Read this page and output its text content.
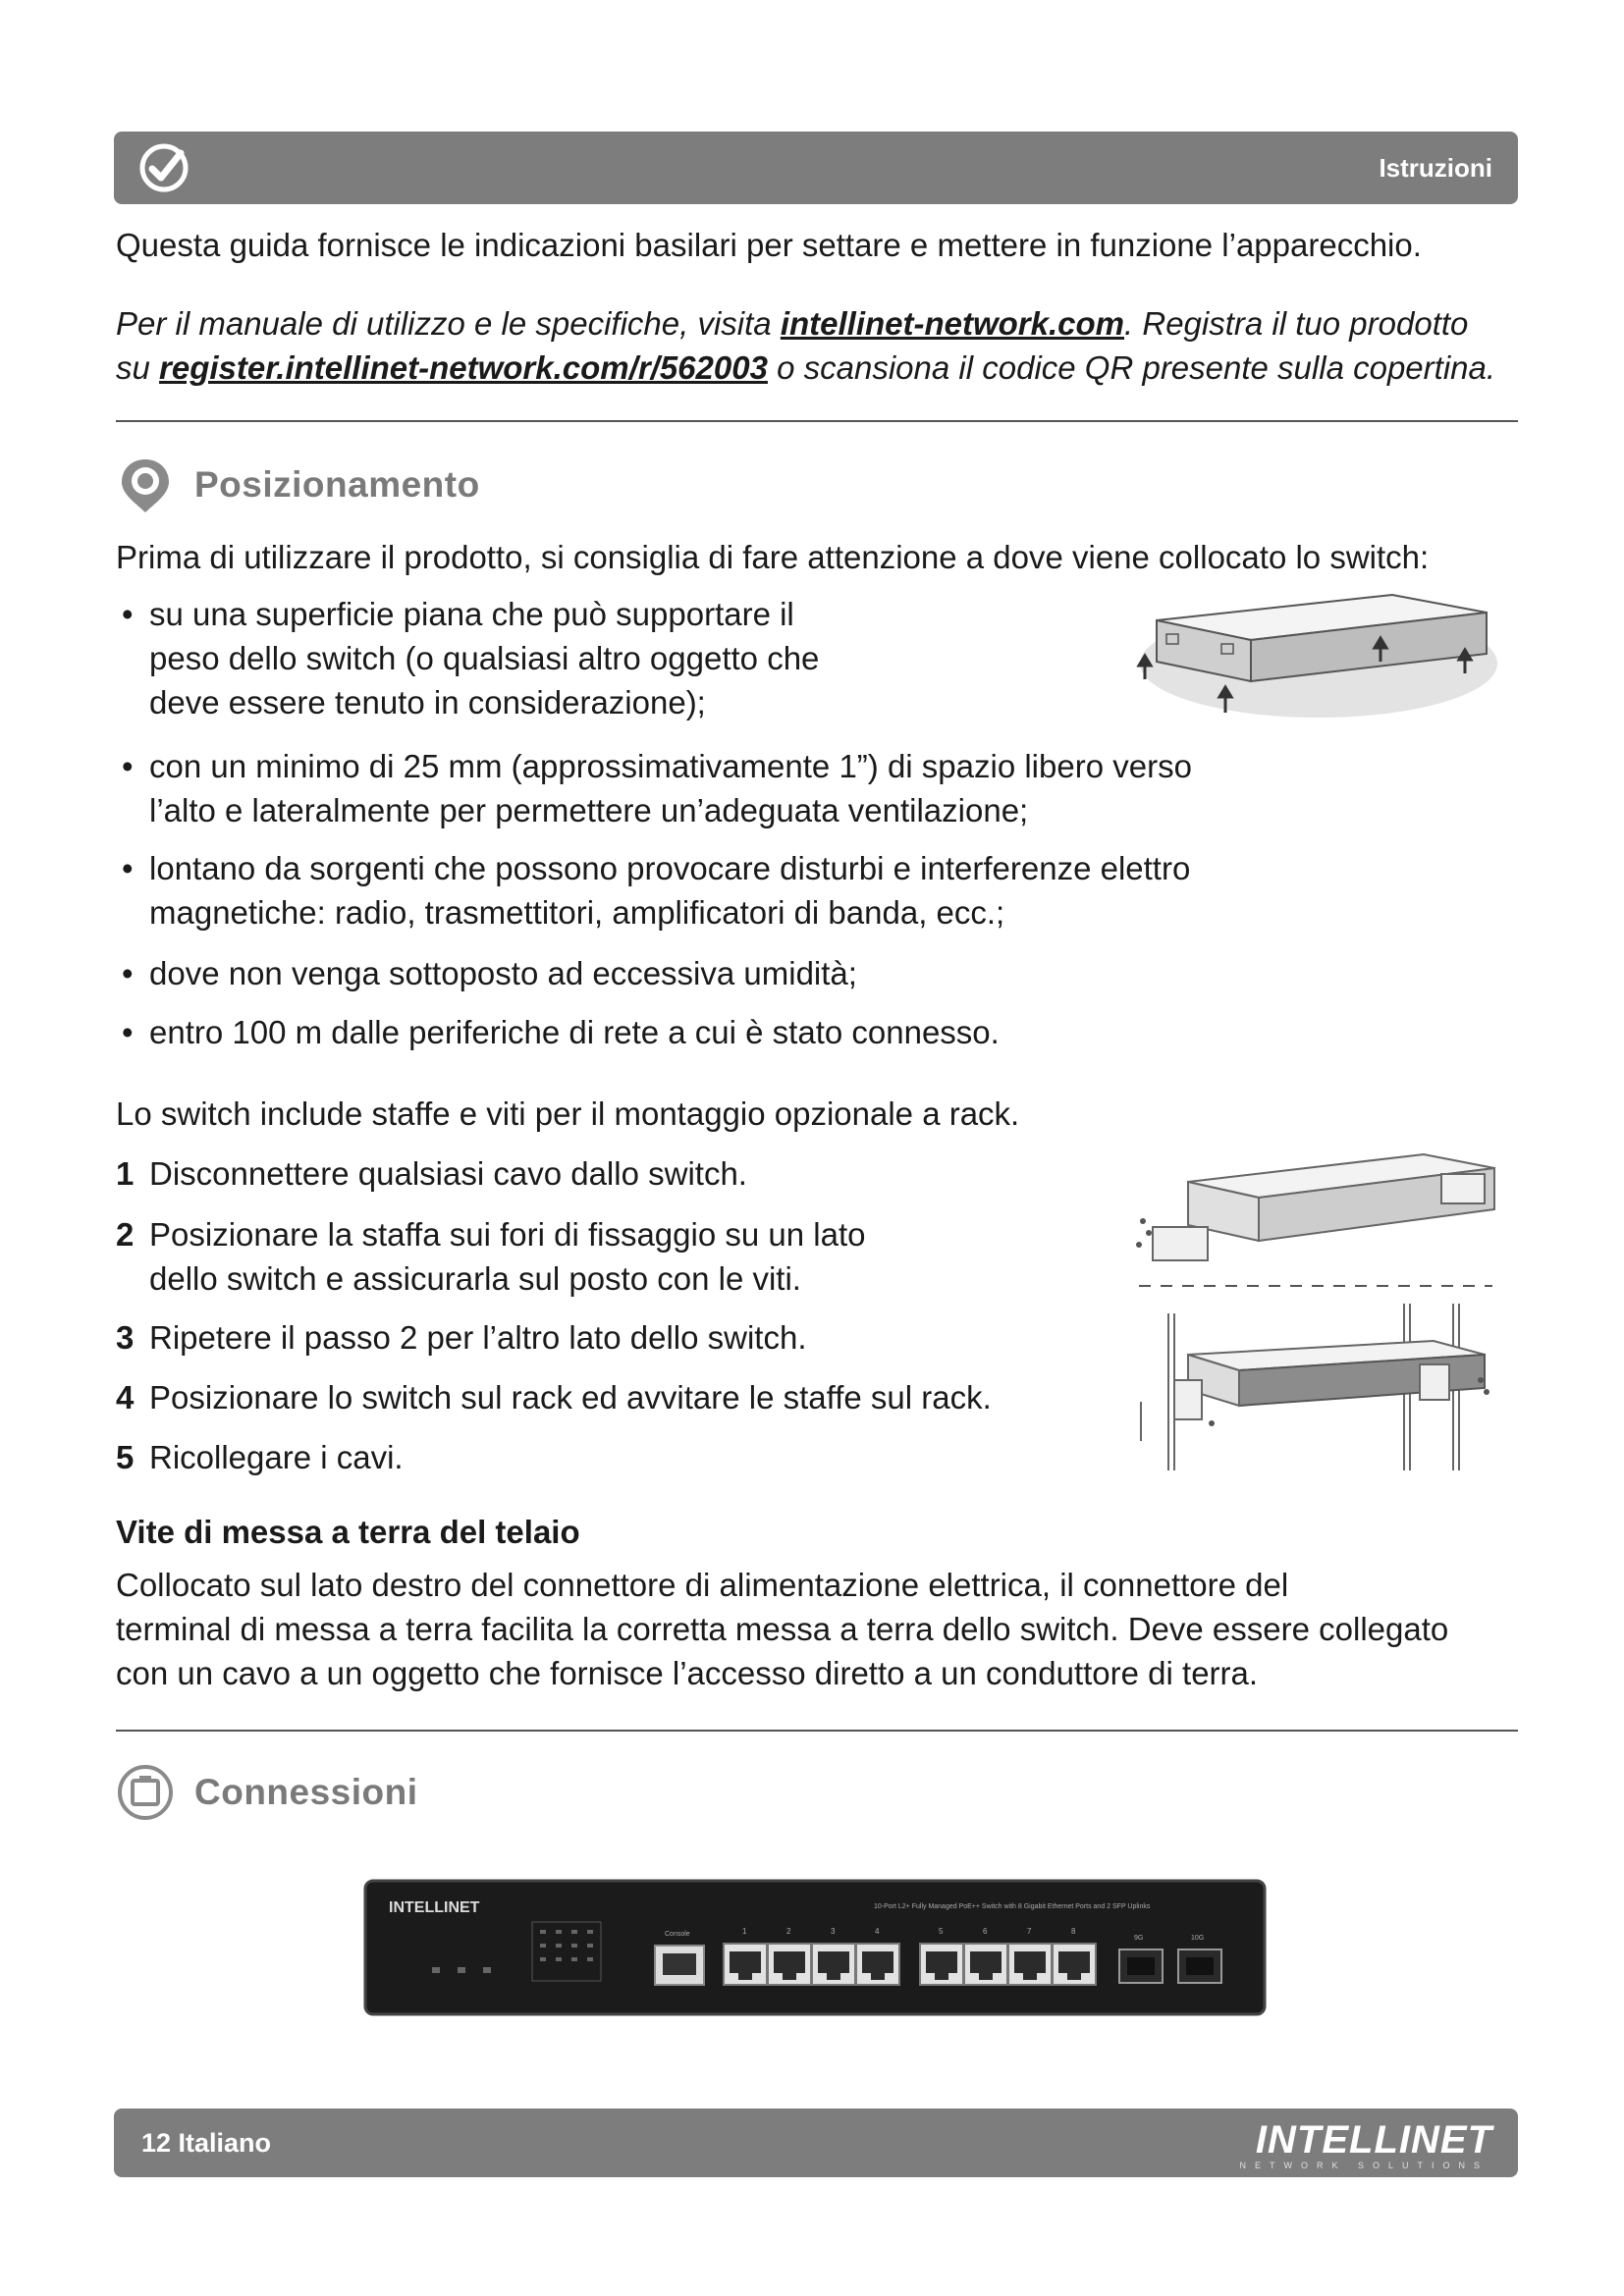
Istruzioni

Questa guida fornisce le indicazioni basilari per settare e mettere in funzione l’apparecchio.

Per il manuale di utilizzo e le specifiche, visita intellinet-network.com. Registra il tuo prodotto
su register.intellinet-network.com/r/562003 o scansiona il codice QR presente sulla copertina.
Posizionamento

Prima di utilizzare il prodotto, si consiglia di fare attenzione a dove viene collocato lo switch:

• su una superficie piana che può supportare il
peso dello switch (o qualsiasi altro oggetto che
deve essere tenuto in considerazione);
• con un minimo di 25 mm (approssimativamente 1”) di spazio libero verso
l’alto e lateralmente per permettere un’adeguata ventilazione;
• lontano da sorgenti che possono provocare disturbi e interferenze elettro
magnetiche: radio, trasmettitori, amplificatori di banda, ecc.;
• dove non venga sottoposto ad eccessiva umidità;
• entro 100 m dalle periferiche di rete a cui è stato connesso.

Lo switch include staffe e viti per il montaggio opzionale a rack.

1 Disconnettere qualsiasi cavo dallo switch.
2 Posizionare la staffa sui fori di fissaggio su un lato
dello switch e assicurarla sul posto con le viti.
3 Ripetere il passo 2 per l’altro lato dello switch.
4 Posizionare lo switch sul rack ed avvitare le staffe sul rack.
5 Ricollegare i cavi.

Vite di messa a terra del telaio

Collocato sul lato destro del connettore di alimentazione elettrica, il connettore del
terminal di messa a terra facilita la corretta messa a terra dello switch. Deve essere collegato
con un cavo a un oggetto che fornisce l’accesso diretto a un conduttore di terra.
Connessioni
INTELLINET	10-Port L2+ Fully Managed PoE++ Switch with 8 Gigabit Ethernet Ports and 2 SFP Uplinks
Console	1	2	3	4	5	6	7	8
9G	10G
12 Italiano	INTELLINET
NETWORK SOLUTIONS
